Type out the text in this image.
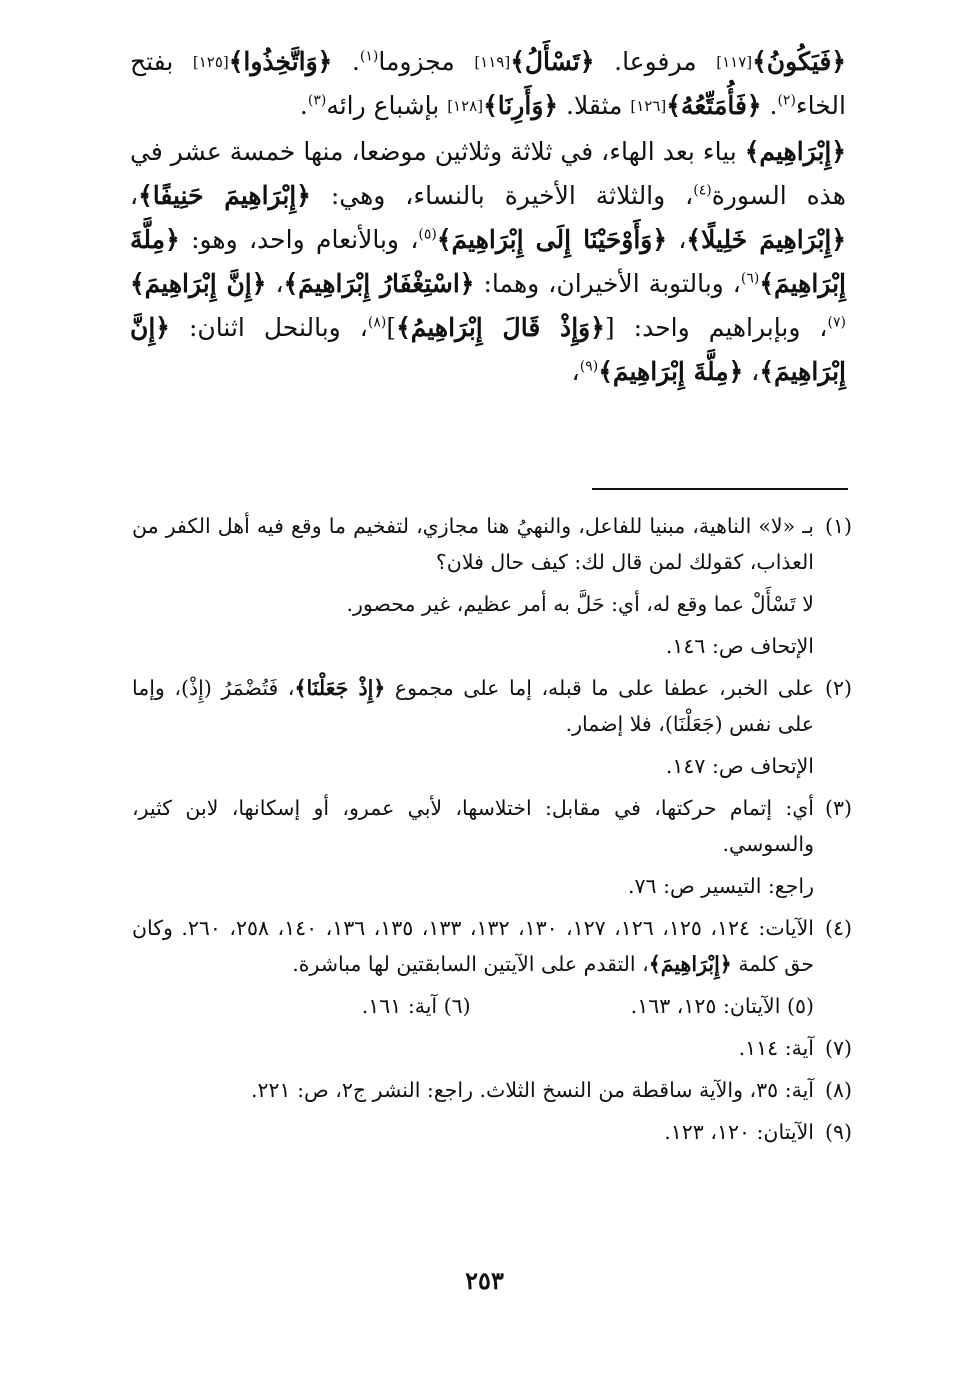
﴿فَيَكُونُ﴾[١١٧] مرفوعا. ﴿تَسْأَلُ﴾[١١٩] مجزوما$^{(١)}$. ﴿وَاتَّخِذُوا﴾[١٢٥] بفتح الخاء$^{(٢)}$. ﴿فَأُمَتِّعُهُ﴾[١٢٦] مثقلا. ﴿وَأَرِنَا﴾[١٢٨] بإشباع رائه$^{(٣)}$.

﴿إِبْرَاهِيم﴾ بياء بعد الهاء، في ثلاثة وثلاثين موضعا، منها خمسة عشر في هذه السورة$^{(٤)}$، والثلاثة الأخيرة بالنساء، وهي: ﴿إِبْرَاهِيمَ حَنِيفًا﴾، ﴿إِبْرَاهِيمَ خَلِيلًا﴾، ﴿وَأَوْحَيْنَا إِلَى إِبْرَاهِيمَ﴾$^{(٥)}$، وبالأنعام واحد، وهو: ﴿مِلَّةَ إِبْرَاهِيمَ﴾$^{(٦)}$، وبالتوبة الأخيران، وهما: ﴿اسْتِغْفَارُ إِبْرَاهِيمَ﴾، ﴿إِنَّ إِبْرَاهِيمَ﴾$^{(٧)}$، وبإبراهيم واحد: [﴿وَإِذْ قَالَ إِبْرَاهِيمُ﴾]$^{(٨)}$، وبالنحل اثنان: ﴿إِنَّ إِبْرَاهِيمَ﴾، ﴿مِلَّةَ إِبْرَاهِيمَ﴾$^{(٩)}$،

(١)
بـ «لا» الناهية، مبنيا للفاعل، والنهيُ هنا مجازي، لتفخيم ما وقع فيه أهل الكفر من العذاب، كقولك لمن قال لك: كيف حال فلان؟
لا تَسْأَلْ عما وقع له، أي: حَلَّ به أمر عظيم، غير محصور.
الإتحاف ص: ١٤٦.
(٢)
على الخبر، عطفا على ما قبله، إما على مجموع ﴿إِذْ جَعَلْنَا﴾، فَتُضْمَرُ (إِذْ)، وإما على نفس (جَعَلْنَا)، فلا إضمار.
الإتحاف ص: ١٤٧.
(٣)
أي: إتمام حركتها، في مقابل: اختلاسها، لأبي عمرو، أو إسكانها، لابن كثير، والسوسي.
راجع: التيسير ص: ٧٦.
(٤)
الآيات: ١٢٤، ١٢٥، ١٢٦، ١٢٧، ١٣٠، ١٣٢، ١٣٣، ١٣٥، ١٣٦، ١٤٠، ٢٥٨، ٢٦٠. وكان حق كلمة ﴿إِبْرَاهِيمَ﴾، التقدم على الآيتين السابقتين لها مباشرة.
(٥) الآيتان: ١٢٥، ١٦٣.
(٦) آية: ١٦١.
(٧)
آية: ١١٤.
(٨)
آية: ٣٥، والآية ساقطة من النسخ الثلاث. راجع: النشر ج٢، ص: ٢٢١.
(٩)
الآيتان: ١٢٠، ١٢٣.
٢٥٣
